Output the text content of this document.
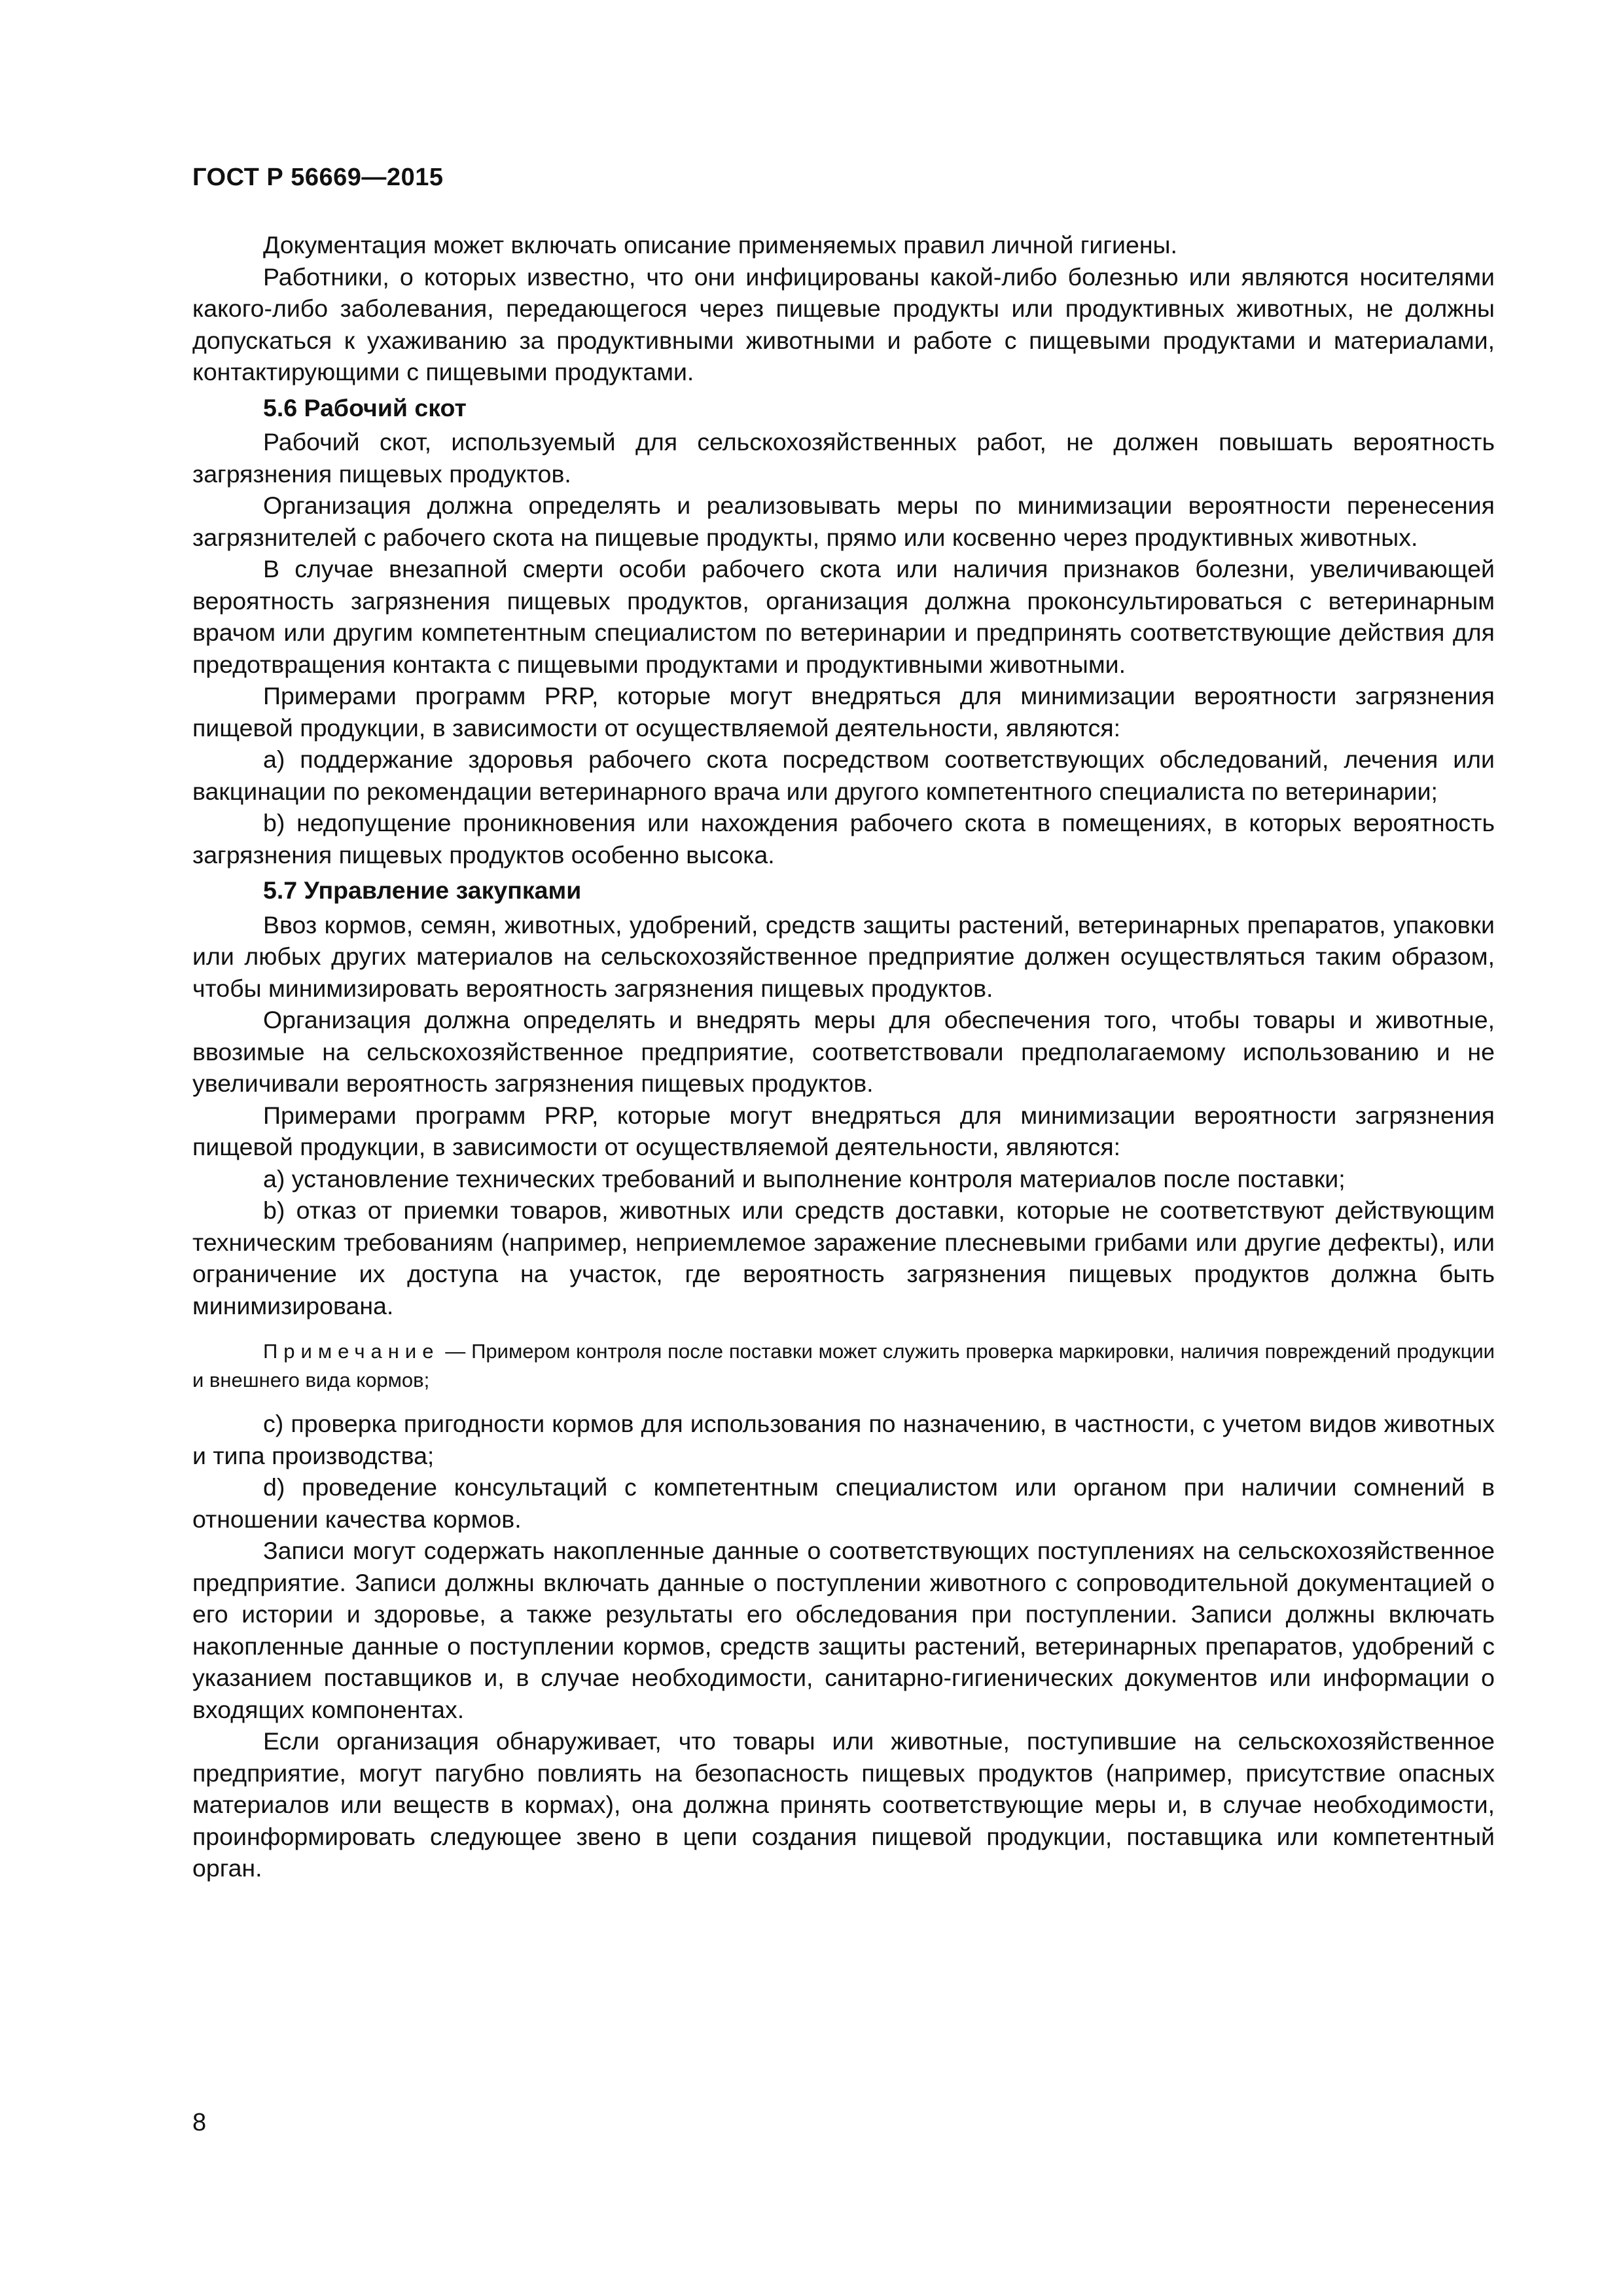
ГОСТ Р 56669—2015

Документация может включать описание применяемых правил личной гигиены.

Работники, о которых известно, что они инфицированы какой-либо болезнью или являются носителями какого-либо заболевания, передающегося через пищевые продукты или продуктивных животных, не должны допускаться к ухаживанию за продуктивными животными и работе с пищевыми продуктами и материалами, контактирующими с пищевыми продуктами.

5.6 Рабочий скот

Рабочий скот, используемый для сельскохозяйственных работ, не должен повышать вероятность загрязнения пищевых продуктов.

Организация должна определять и реализовывать меры по минимизации вероятности перенесения загрязнителей с рабочего скота на пищевые продукты, прямо или косвенно через продуктивных животных.

В случае внезапной смерти особи рабочего скота или наличия признаков болезни, увеличивающей вероятность загрязнения пищевых продуктов, организация должна проконсультироваться с ветеринарным врачом или другим компетентным специалистом по ветеринарии и предпринять соответствующие действия для предотвращения контакта с пищевыми продуктами и продуктивными животными.

Примерами программ PRP, которые могут внедряться для минимизации вероятности загрязнения пищевой продукции, в зависимости от осуществляемой деятельности, являются:

а) поддержание здоровья рабочего скота посредством соответствующих обследований, лечения или вакцинации по рекомендации ветеринарного врача или другого компетентного специалиста по ветеринарии;

b) недопущение проникновения или нахождения рабочего скота в помещениях, в которых вероятность загрязнения пищевых продуктов особенно высока.

5.7 Управление закупками

Ввоз кормов, семян, животных, удобрений, средств защиты растений, ветеринарных препаратов, упаковки или любых других материалов на сельскохозяйственное предприятие должен осуществляться таким образом, чтобы минимизировать вероятность загрязнения пищевых продуктов.

Организация должна определять и внедрять меры для обеспечения того, чтобы товары и животные, ввозимые на сельскохозяйственное предприятие, соответствовали предполагаемому использованию и не увеличивали вероятность загрязнения пищевых продуктов.

Примерами программ PRP, которые могут внедряться для минимизации вероятности загрязнения пищевой продукции, в зависимости от осуществляемой деятельности, являются:

а) установление технических требований и выполнение контроля материалов после поставки;

b) отказ от приемки товаров, животных или средств доставки, которые не соответствуют действующим техническим требованиям (например, неприемлемое заражение плесневыми грибами или другие дефекты), или ограничение их доступа на участок, где вероятность загрязнения пищевых продуктов должна быть минимизирована.

Примечание — Примером контроля после поставки может служить проверка маркировки, наличия повреждений продукции и внешнего вида кормов;

с) проверка пригодности кормов для использования по назначению, в частности, с учетом видов животных и типа производства;

d) проведение консультаций с компетентным специалистом или органом при наличии сомнений в отношении качества кормов.

Записи могут содержать накопленные данные о соответствующих поступлениях на сельскохозяйственное предприятие. Записи должны включать данные о поступлении животного с сопроводительной документацией о его истории и здоровье, а также результаты его обследования при поступлении. Записи должны включать накопленные данные о поступлении кормов, средств защиты растений, ветеринарных препаратов, удобрений с указанием поставщиков и, в случае необходимости, санитарно-гигиенических документов или информации о входящих компонентах.

Если организация обнаруживает, что товары или животные, поступившие на сельскохозяйственное предприятие, могут пагубно повлиять на безопасность пищевых продуктов (например, присутствие опасных материалов или веществ в кормах), она должна принять соответствующие меры и, в случае необходимости, проинформировать следующее звено в цепи создания пищевой продукции, поставщика или компетентный орган.

8
